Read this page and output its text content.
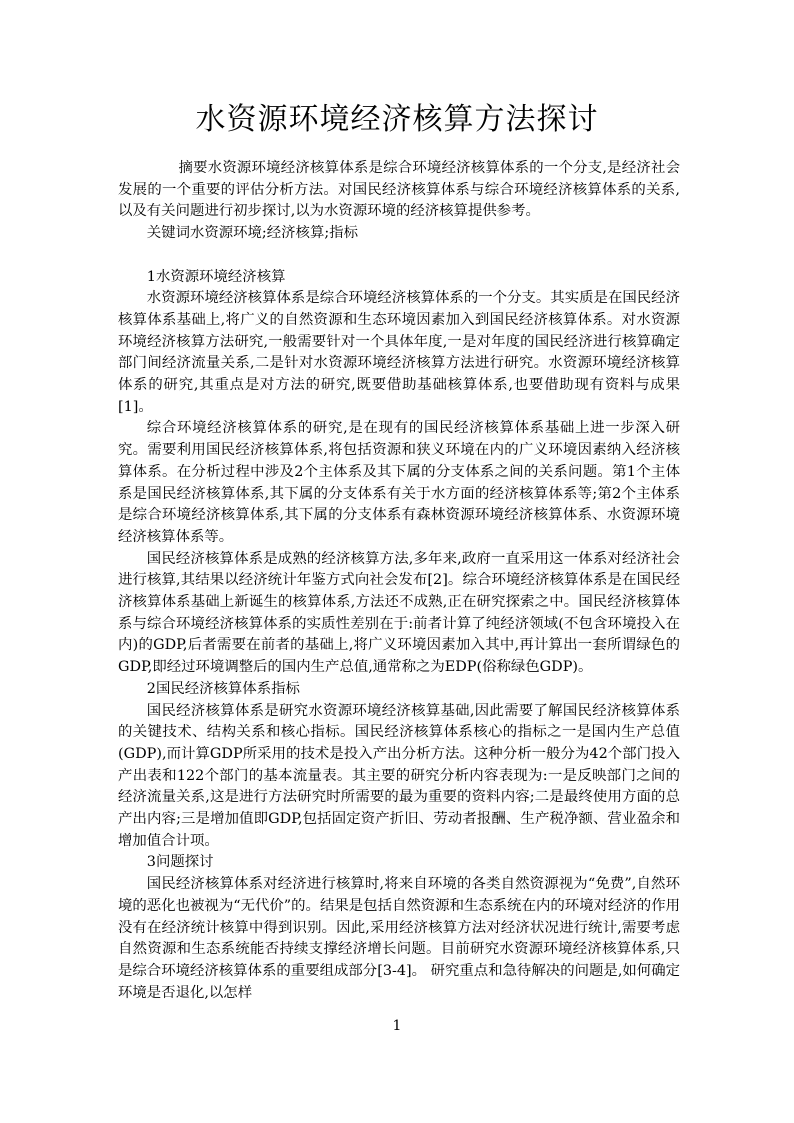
水资源环境经济核算方法探讨

摘要水资源环境经济核算体系是综合环境经济核算体系的一个分支,是经济社会发展的一个重要的评估分析方法。对国民经济核算体系与综合环境经济核算体系的关系,以及有关问题进行初步探讨,以为水资源环境的经济核算提供参考。

关键词水资源环境;经济核算;指标

1水资源环境经济核算

水资源环境经济核算体系是综合环境经济核算体系的一个分支。其实质是在国民经济核算体系基础上,将广义的自然资源和生态环境因素加入到国民经济核算体系。对水资源环境经济核算方法研究,一般需要针对一个具体年度,一是对年度的国民经济进行核算确定部门间经济流量关系,二是针对水资源环境经济核算方法进行研究。水资源环境经济核算体系的研究,其重点是对方法的研究,既要借助基础核算体系,也要借助现有资料与成果[1]。

综合环境经济核算体系的研究,是在现有的国民经济核算体系基础上进一步深入研究。需要利用国民经济核算体系,将包括资源和狭义环境在内的广义环境因素纳入经济核算体系。在分析过程中涉及2个主体系及其下属的分支体系之间的关系问题。第1个主体系是国民经济核算体系,其下属的分支体系有关于水方面的经济核算体系等;第2个主体系是综合环境经济核算体系,其下属的分支体系有森林资源环境经济核算体系、水资源环境经济核算体系等。

国民经济核算体系是成熟的经济核算方法,多年来,政府一直采用这一体系对经济社会进行核算,其结果以经济统计年鉴方式向社会发布[2]。综合环境经济核算体系是在国民经济核算体系基础上新诞生的核算体系,方法还不成熟,正在研究探索之中。国民经济核算体系与综合环境经济核算体系的实质性差别在于:前者计算了纯经济领域(不包含环境投入在内)的GDP,后者需要在前者的基础上,将广义环境因素加入其中,再计算出一套所谓绿色的GDP,即经过环境调整后的国内生产总值,通常称之为EDP(俗称绿色GDP)。

2国民经济核算体系指标

国民经济核算体系是研究水资源环境经济核算基础,因此需要了解国民经济核算体系的关键技术、结构关系和核心指标。国民经济核算体系核心的指标之一是国内生产总值(GDP),而计算GDP所采用的技术是投入产出分析方法。这种分析一般分为42个部门投入产出表和122个部门的基本流量表。其主要的研究分析内容表现为:一是反映部门之间的经济流量关系,这是进行方法研究时所需要的最为重要的资料内容;二是最终使用方面的总产出内容;三是增加值即GDP,包括固定资产折旧、劳动者报酬、生产税净额、营业盈余和增加值合计项。

3问题探讨

国民经济核算体系对经济进行核算时,将来自环境的各类自然资源视为“免费”,自然环境的恶化也被视为“无代价”的。结果是包括自然资源和生态系统在内的环境对经济的作用没有在经济统计核算中得到识别。因此,采用经济核算方法对经济状况进行统计,需要考虑自然资源和生态系统能否持续支撑经济增长问题。目前研究水资源环境经济核算体系,只是综合环境经济核算体系的重要组成部分[3-4]。 研究重点和急待解决的问题是,如何确定环境是否退化,以怎样

1
